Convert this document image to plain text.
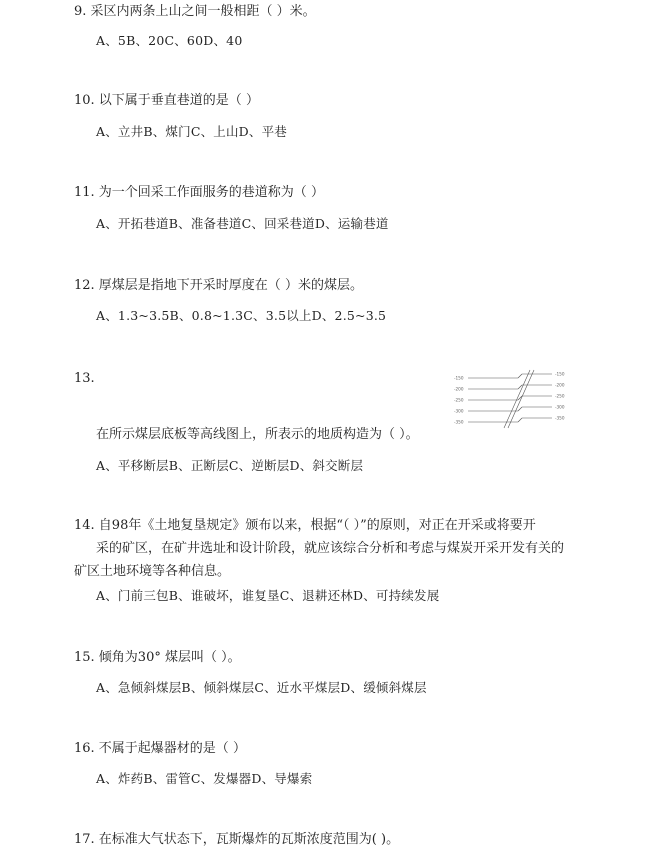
9. 采区内两条上山之间一般相距（ ）米。
A、5B、20C、60D、40
10. 以下属于垂直巷道的是（ ）
A、立井B、煤门C、上山D、平巷
11. 为一个回采工作面服务的巷道称为（ ）
A、开拓巷道B、准备巷道C、回采巷道D、运输巷道
12. 厚煤层是指地下开采时厚度在（ ）米的煤层。
A、1.3~3.5B、0.8~1.3C、3.5以上D、2.5~3.5
13.
在所示煤层底板等高线图上，所表示的地质构造为（ ）。
A、平移断层B、正断层C、逆断层D、斜交断层
-150
-200
-250
-300
-350
-150
-200
-250
-300
-350
14. 自98年《土地复垦规定》颁布以来，根据“（ ）”的原则，对正在开采或将要开
采的矿区，在矿井选址和设计阶段，就应该综合分析和考虑与煤炭开采开发有关的
矿区土地环境等各种信息。
A、门前三包B、谁破坏，谁复垦C、退耕还林D、可持续发展
15. 倾角为30° 煤层叫（ ）。
A、急倾斜煤层B、倾斜煤层C、近水平煤层D、缓倾斜煤层
16. 不属于起爆器材的是（ ）
A、炸药B、雷管C、发爆器D、导爆索
17. 在标准大气状态下，瓦斯爆炸的瓦斯浓度范围为( )。
